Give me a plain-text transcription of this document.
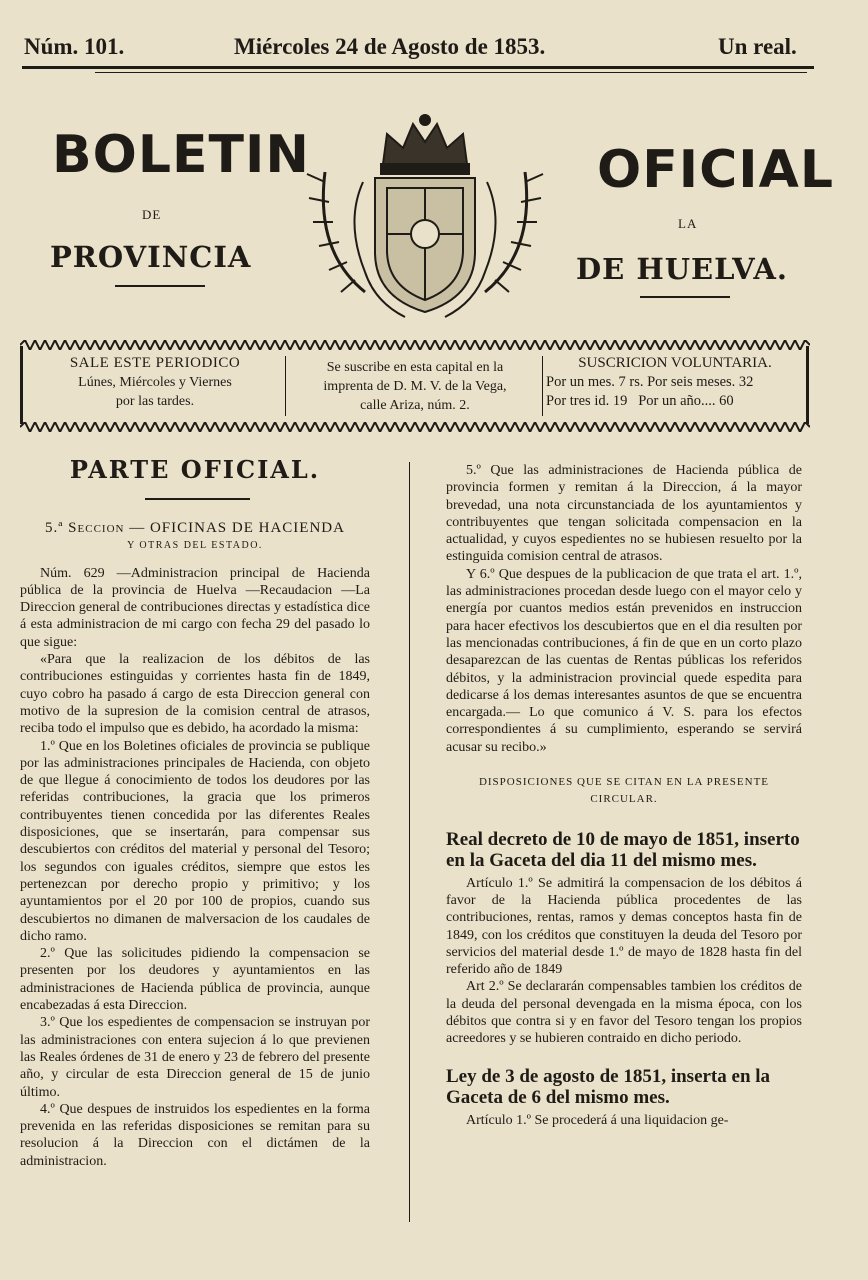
Núm. 101.	Miércoles 24 de Agosto de 1853.	Un real.
BOLETIN
DE
PROVINCIA
OFICIAL
LA
DE HUELVA.
SALE ESTE PERIODICO
Lúnes, Miércoles y Viernes
por las tardes.
Se suscribe en esta capital en la
imprenta de D. M. V. de la Vega,
calle Ariza, núm. 2.
SUSCRICION VOLUNTARIA.
Por un mes. 7 rs. Por seis meses. 32
Por tres id. 19   Por un año.... 60
PARTE OFICIAL.

5.ª Seccion — OFICINAS DE HACIENDA

Y OTRAS DEL ESTADO.

Núm. 629 —Administracion principal de Hacienda pública de la provincia de Huelva —Recaudacion —La Direccion general de contribuciones directas y estadística dice á esta administracion de mi cargo con fecha 29 del pasado lo que sigue:

«Para que la realizacion de los débitos de las contribuciones estinguidas y corrientes hasta fin de 1849, cuyo cobro ha pasado á cargo de esta Direccion general con motivo de la supresion de la comision central de atrasos, reciba todo el impulso que es debido, ha acordado la misma:

1.º Que en los Boletines oficiales de provincia se publique por las administraciones principales de Hacienda, con objeto de que llegue á conocimiento de todos los deudores por las referidas contribuciones, la gracia que los primeros contribuyentes tienen concedida por las diferentes Reales disposiciones, que se insertarán, para compensar sus descubiertos con créditos del material y personal del Tesoro; los segundos con iguales créditos, siempre que estos les pertenezcan por derecho propio y primitivo; y los ayuntamientos por el 20 por 100 de propios, cuando sus descubiertos no dimanen de malversacion de los caudales de dicho ramo.

2.º Que las solicitudes pidiendo la compensacion se presenten por los deudores y ayuntamientos en las administraciones de Hacienda pública de provincia, aunque encabezadas á esta Direccion.

3.º Que los espedientes de compensacion se instruyan por las administraciones con entera sujecion á lo que previenen las Reales órdenes de 31 de enero y 23 de febrero del presente año, y circular de esta Direccion general de 15 de junio último.

4.º Que despues de instruidos los espedientes en la forma prevenida en las referidas disposiciones se remitan para su resolucion á la Direccion con el dictámen de la administracion.

5.º Que las administraciones de Hacienda pública de provincia formen y remitan á la Direccion, á la mayor brevedad, una nota circunstanciada de los ayuntamientos y contribuyentes que tengan solicitada compensacion en la actualidad, y cuyos espedientes no se hubiesen resuelto por la estinguida comision central de atrasos.

Y 6.º Que despues de la publicacion de que trata el art. 1.º, las administraciones procedan desde luego con el mayor celo y energía por cuantos medios están prevenidos en instruccion para hacer efectivos los descubiertos que en el dia resulten por las mencionadas contribuciones, á fin de que en un corto plazo desaparezcan de las cuentas de Rentas públicas los referidos débitos, y la administracion provincial quede espedita para dedicarse á los demas interesantes asuntos de que se encuentra encargada.— Lo que comunico á V. S. para los efectos correspondientes á su cumplimiento, esperando se servirá acusar su recibo.»

DISPOSICIONES QUE SE CITAN EN LA PRESENTE CIRCULAR.

Real decreto de 10 de mayo de 1851, inserto en la Gaceta del dia 11 del mismo mes.

Artículo 1.º Se admitirá la compensacion de los débitos á favor de la Hacienda pública procedentes de las contribuciones, rentas, ramos y demas conceptos hasta fin de 1849, con los créditos que constituyen la deuda del Tesoro por servicios del material desde 1.º de mayo de 1828 hasta fin del referido año de 1849

Art 2.º Se declararán compensables tambien los créditos de la deuda del personal devengada en la misma época, con los débitos que contra si y en favor del Tesoro tengan los propios acreedores y se hubieren contraido en dicho periodo.

Ley de 3 de agosto de 1851, inserta en la Gaceta de 6 del mismo mes.

Artículo 1.º Se procederá á una liquidacion ge-
